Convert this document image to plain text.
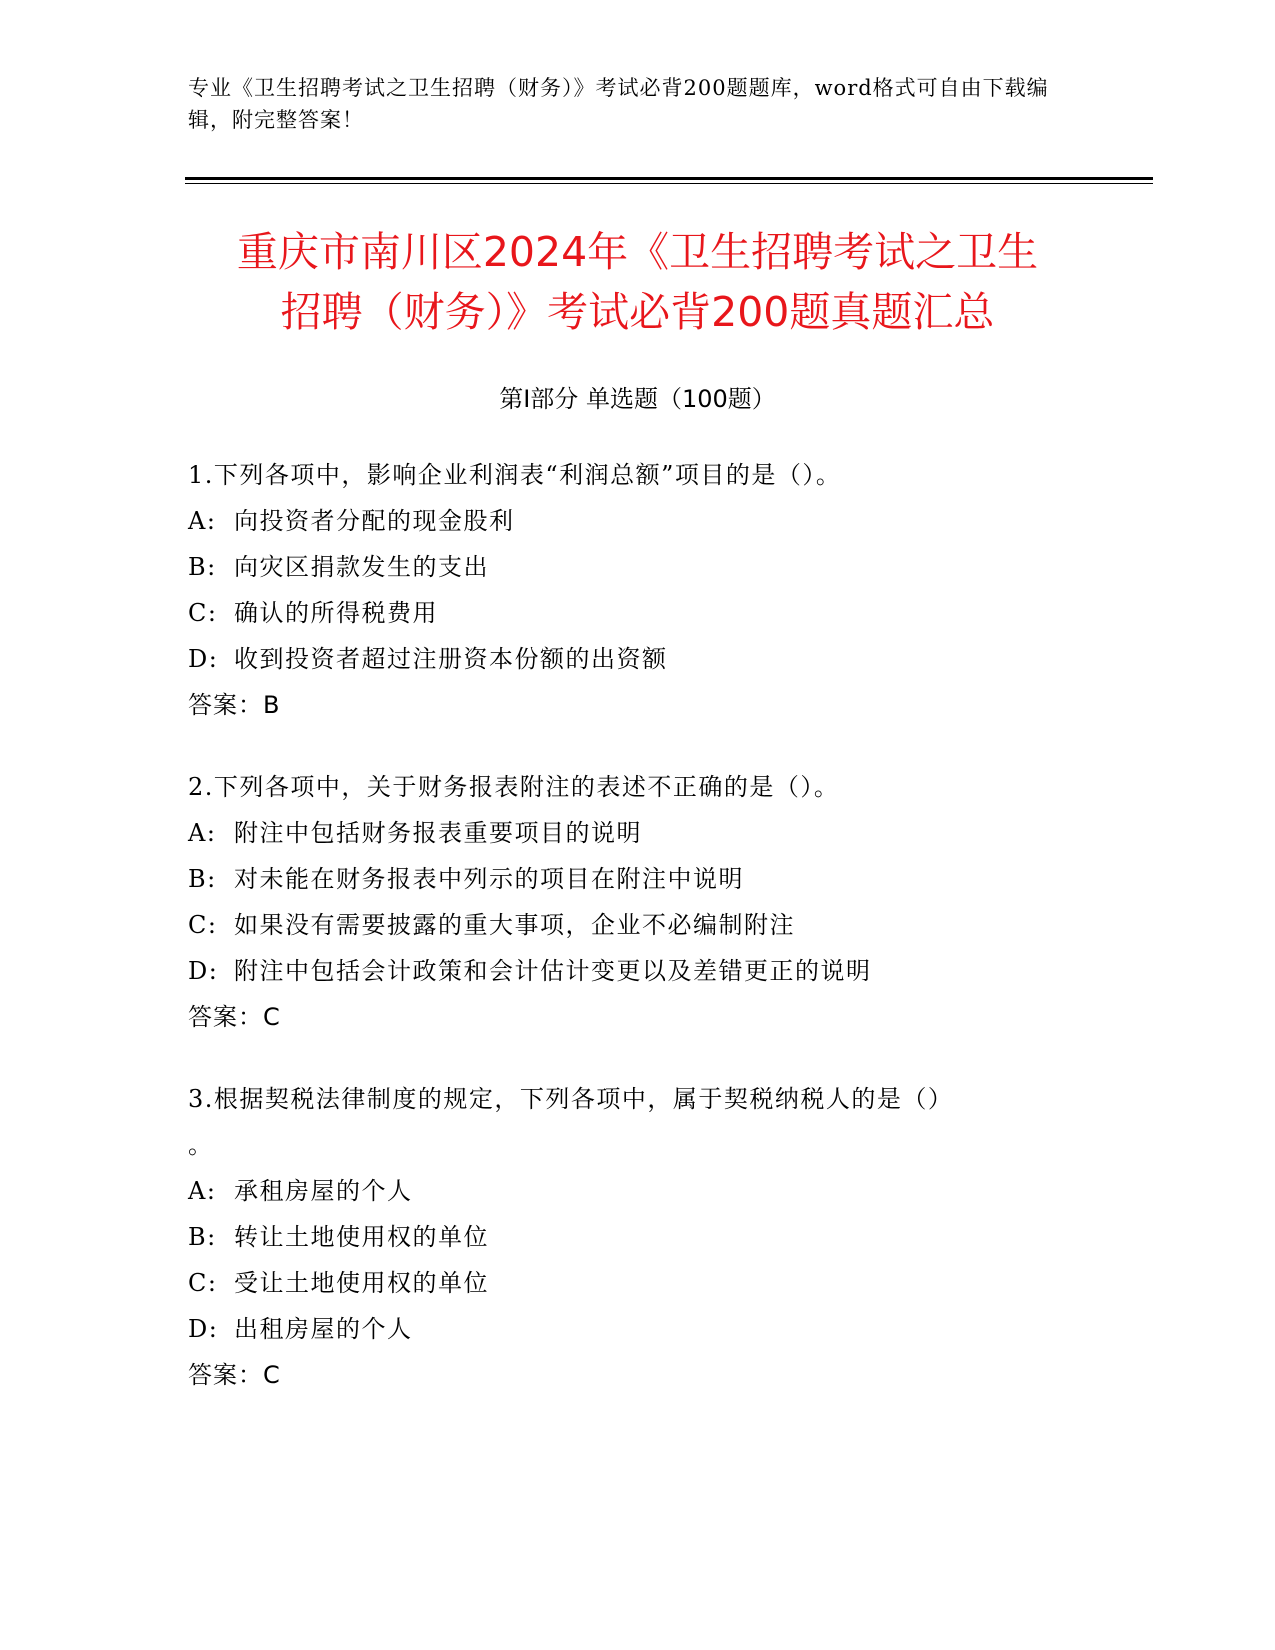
专业《卫生招聘考试之卫生招聘（财务）》考试必背200题题库，word格式可自由下载编辑，附完整答案！
重庆市南川区2024年《卫生招聘考试之卫生
招聘（财务）》考试必背200题真题汇总
第Ⅰ部分 单选题（100题）
1.下列各项中，影响企业利润表“利润总额”项目的是（）。
A: 向投资者分配的现金股利
B: 向灾区捐款发生的支出
C: 确认的所得税费用
D: 收到投资者超过注册资本份额的出资额
答案：B
2.下列各项中，关于财务报表附注的表述不正确的是（）。
A: 附注中包括财务报表重要项目的说明
B: 对未能在财务报表中列示的项目在附注中说明
C: 如果没有需要披露的重大事项，企业不必编制附注
D: 附注中包括会计政策和会计估计变更以及差错更正的说明
答案：C
3.根据契税法律制度的规定，下列各项中，属于契税纳税人的是（）
。
A: 承租房屋的个人
B: 转让土地使用权的单位
C: 受让土地使用权的单位
D: 出租房屋的个人
答案：C
